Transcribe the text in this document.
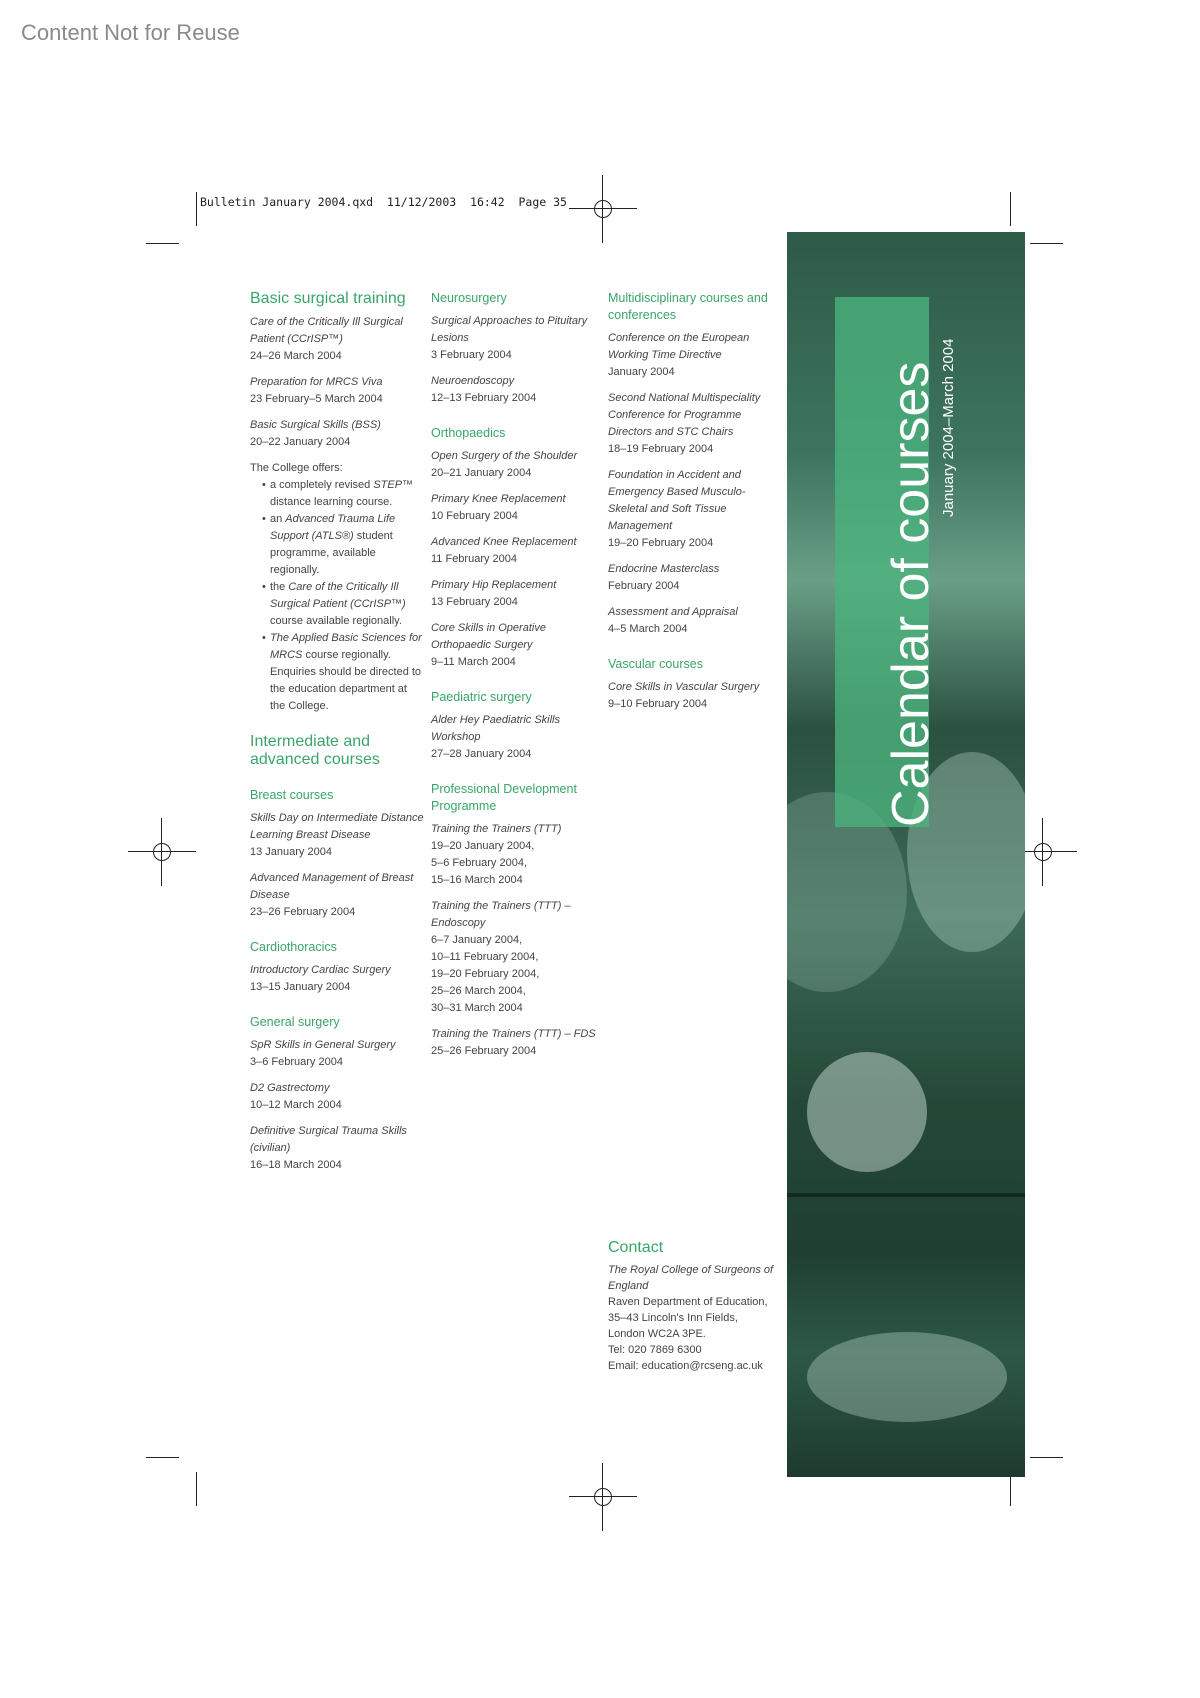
Content Not for Reuse
Bulletin January 2004.qxd  11/12/2003  16:42  Page 35
Basic surgical training
Care of the Critically Ill Surgical Patient (CCrISP™)
24–26 March 2004
Preparation for MRCS Viva
23 February–5 March 2004
Basic Surgical Skills (BSS)
20–22 January 2004
The College offers:
• a completely revised STEP™ distance learning course.
• an Advanced Trauma Life Support (ATLS®) student programme, available regionally.
• the Care of the Critically Ill Surgical Patient (CCrISP™) course available regionally.
• The Applied Basic Sciences for MRCS course regionally. Enquiries should be directed to the education department at the College.
Intermediate and advanced courses
Breast courses
Skills Day on Intermediate Distance Learning Breast Disease
13 January 2004
Advanced Management of Breast Disease
23–26 February 2004
Cardiothoracics
Introductory Cardiac Surgery
13–15 January 2004
General surgery
SpR Skills in General Surgery
3–6 February 2004
D2 Gastrectomy
10–12 March 2004
Definitive Surgical Trauma Skills (civilian)
16–18 March 2004
Neurosurgery
Surgical Approaches to Pituitary Lesions
3 February 2004
Neuroendoscopy
12–13 February 2004
Orthopaedics
Open Surgery of the Shoulder
20–21 January 2004
Primary Knee Replacement
10 February 2004
Advanced Knee Replacement
11 February 2004
Primary Hip Replacement
13 February 2004
Core Skills in Operative Orthopaedic Surgery
9–11 March 2004
Paediatric surgery
Alder Hey Paediatric Skills Workshop
27–28 January 2004
Professional Development Programme
Training the Trainers (TTT)
19–20 January 2004,
5–6 February 2004,
15–16 March 2004
Training the Trainers (TTT) – Endoscopy
6–7 January 2004,
10–11 February 2004,
19–20 February 2004,
25–26 March 2004,
30–31 March 2004
Training the Trainers (TTT) – FDS
25–26 February 2004
Multidisciplinary courses and conferences
Conference on the European Working Time Directive
January 2004
Second National Multispeciality Conference for Programme Directors and STC Chairs
18–19 February 2004
Foundation in Accident and Emergency Based Musculo-Skeletal and Soft Tissue Management
19–20 February 2004
Endocrine Masterclass
February 2004
Assessment and Appraisal
4–5 March 2004
Vascular courses
Core Skills in Vascular Surgery
9–10 February 2004
Contact
The Royal College of Surgeons of England
Raven Department of Education,
35–43 Lincoln's Inn Fields,
London WC2A 3PE.
Tel: 020 7869 6300
Email: education@rcseng.ac.uk
Calendar of courses January 2004–March 2004
